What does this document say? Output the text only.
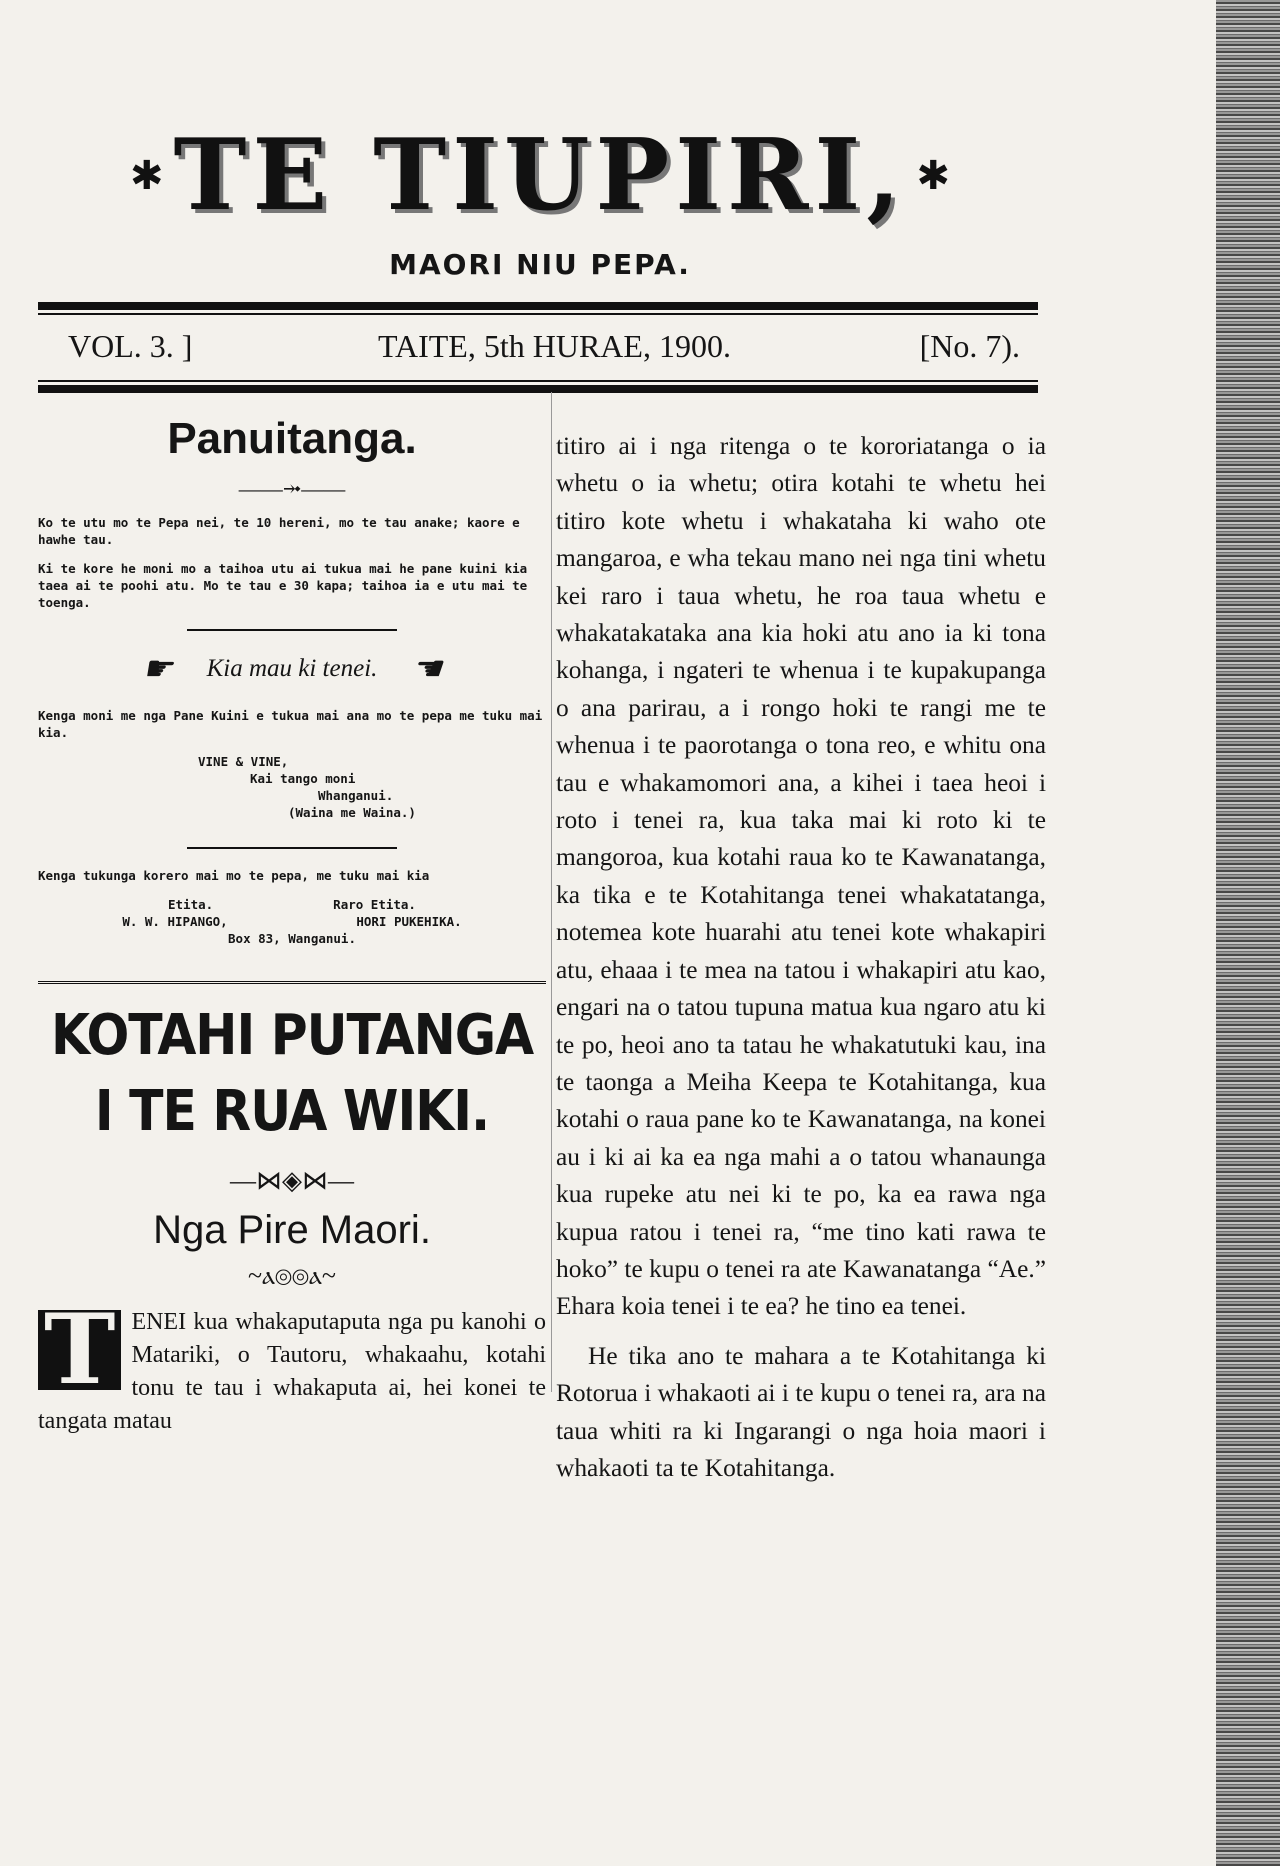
✱ TE TIUPIRI, ✱
MAORI NIU PEPA.
VOL. 3. ]	TAITE, 5th HURAE, 1900.	[No. 7).
Panuitanga.
——⤞——

Ko te utu mo te Pepa nei, te 10 hereni, mo te tau anake; kaore e hawhe tau.

Ki te kore he moni mo a taihoa utu ai tukua mai he pane kuini kia taea ai te poohi atu. Mo te tau e 30 kapa; taihoa ia e utu mai te toenga.

☛ Kia mau ki tenei. ☚

Kenga moni me nga Pane Kuini e tukua mai ana mo te pepa me tuku mai kia.

VINE & VINE,
Kai tango moni
Whanganui.
(Waina me Waina.)

Kenga tukunga korero mai mo te pepa, me tuku mai kia

Etita.	Raro Etita.
W. W. HIPANGO,	HORI PUKEHIKA.
Box 83, Wanganui.
KOTAHI PUTANGA I TE RUA WIKI.
—⋈◈⋈—
Nga Pire Maori.
~ⲁ⦾⦾ⲁ~
T ENEI kua whakaputaputa nga pu kanohi o Matariki, o Tautoru, whakaahu, kotahi tonu te tau i whakaputa ai, hei konei te tangata matau

titiro ai i nga ritenga o te kororiatanga o ia whetu o ia whetu; otira kotahi te whetu hei titiro kote whetu i whakataha ki waho ote mangaroa, e wha tekau mano nei nga tini whetu kei raro i taua whetu, he roa taua whetu e whakatakataka ana kia hoki atu ano ia ki tona kohanga, i ngateri te whenua i te kupakupanga o ana parirau, a i rongo hoki te rangi me te whenua i te paorotanga o tona reo, e whitu ona tau e whakamomori ana, a kihei i taea heoi i roto i tenei ra, kua taka mai ki roto ki te mangoroa, kua kotahi raua ko te Kawanatanga, ka tika e te Kotahitanga tenei whakatatanga, notemea kote huarahi atu tenei kote whakapiri atu, ehaaa i te mea na tatou i whakapiri atu kao, engari na o tatou tupuna matua kua ngaro atu ki te po, heoi ano ta tatau he whakatutuki kau, ina te taonga a Meiha Keepa te Kotahitanga, kua kotahi o raua pane ko te Kawanatanga, na konei au i ki ai ka ea nga mahi a o tatou whanaunga kua rupeke atu nei ki te po, ka ea rawa nga kupua ratou i tenei ra, “me tino kati rawa te hoko” te kupu o tenei ra ate Kawanatanga “Ae.” Ehara koia tenei i te ea? he tino ea tenei.

He tika ano te mahara a te Kotahitanga ki Rotorua i whakaoti ai i te kupu o tenei ra, ara na taua whiti ra ki Ingarangi o nga hoia maori i whakaoti ta te Kotahitanga.
